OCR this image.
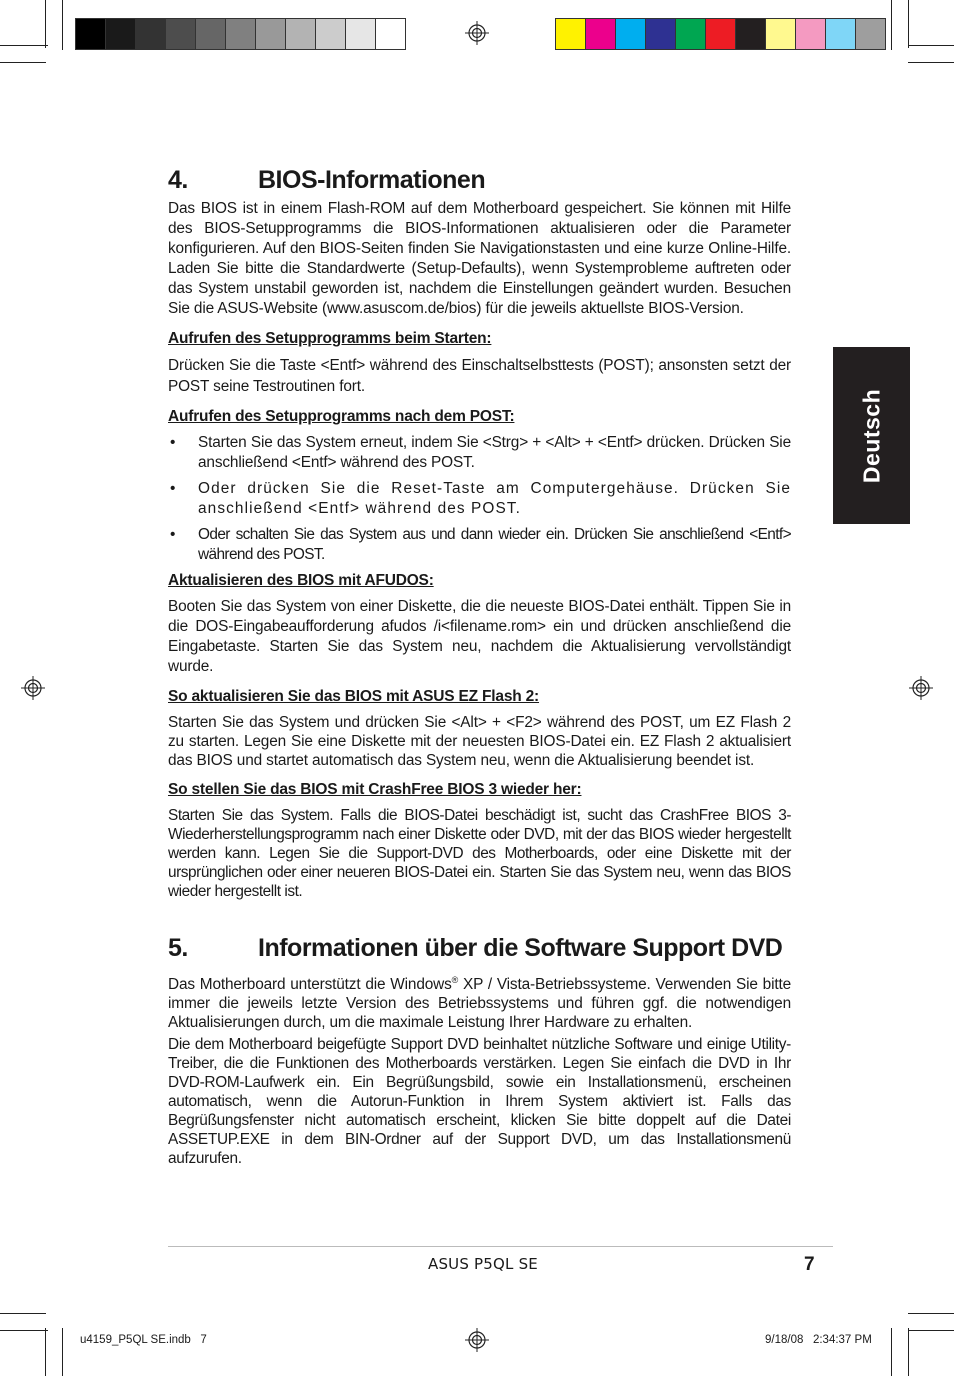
Deutsch
4.	BIOS-Informationen

Das BIOS ist in einem Flash-ROM auf dem Motherboard gespeichert. Sie können mit Hilfe des BIOS-Setupprogramms die BIOS-Informationen aktualisieren oder die Parameter konfigurieren. Auf den BIOS-Seiten finden Sie Navigationstasten und eine kurze Online-Hilfe. Laden Sie bitte die Standardwerte (Setup-Defaults), wenn Systemprobleme auftreten oder das System unstabil geworden ist, nachdem die Einstellungen geändert wurden. Besuchen Sie die ASUS-Website (www.asuscom.de/bios) für die jeweils aktuellste BIOS-Version.

Aufrufen des Setupprogramms beim Starten:

Drücken Sie die Taste <Entf> während des Einschaltselbsttests (POST); ansonsten setzt der POST seine Testroutinen fort.

Aufrufen des Setupprogramms nach dem POST:
• Starten Sie das System erneut, indem Sie <Strg> + <Alt> + <Entf> drücken. Drücken Sie anschließend <Entf> während des POST.
• Oder drücken Sie die Reset-Taste am Computergehäuse. Drücken Sie anschließend <Entf> während des POST.
• Oder schalten Sie das System aus und dann wieder ein. Drücken Sie anschließend <Entf> während des POST.
Aktualisieren des BIOS mit AFUDOS:

Booten Sie das System von einer Diskette, die die neueste BIOS-Datei enthält. Tippen Sie in die DOS-Eingabeaufforderung afudos /i<filename.rom> ein und drücken anschließend die Eingabetaste. Starten Sie das System neu, nachdem die Aktualisierung vervollständigt wurde.

So aktualisieren Sie das BIOS mit ASUS EZ Flash 2:

Starten Sie das System und drücken Sie <Alt> + <F2> während des POST, um EZ Flash 2 zu starten. Legen Sie eine Diskette mit der neuesten BIOS-Datei ein. EZ Flash 2 aktualisiert das BIOS und startet automatisch das System neu, wenn die Aktualisierung beendet ist.

So stellen Sie das BIOS mit CrashFree BIOS 3 wieder her:

Starten Sie das System. Falls die BIOS-Datei beschädigt ist, sucht das CrashFree BIOS 3-Wiederherstellungsprogramm nach einer Diskette oder DVD, mit der das BIOS wieder hergestellt werden kann. Legen Sie die Support-DVD des Motherboards, oder eine Diskette mit der ursprünglichen oder einer neueren BIOS-Datei ein. Starten Sie das System neu, wenn das BIOS wieder hergestellt ist.

5.	Informationen über die Software Support DVD

Das Motherboard unterstützt die Windows® XP / Vista-Betriebssysteme. Verwenden Sie bitte immer die jeweils letzte Version des Betriebssystems und führen ggf. die notwendigen Aktualisierungen durch, um die maximale Leistung Ihrer Hardware zu erhalten.

Die dem Motherboard beigefügte Support DVD beinhaltet nützliche Software und einige Utility-Treiber, die die Funktionen des Motherboards verstärken. Legen Sie einfach die DVD in Ihr DVD-ROM-Laufwerk ein. Ein Begrüßungsbild, sowie ein Installationsmenü, erscheinen automatisch, wenn die Autorun-Funktion in Ihrem System aktiviert ist. Falls das Begrüßungsfenster nicht automatisch erscheint, klicken Sie bitte doppelt auf die Datei ASSETUP.EXE in dem BIN-Ordner auf der Support DVD, um das Installationsmenü aufzurufen.

ASUS P5QL SE	7
u4159_P5QL SE.indb   7	9/18/08   2:34:37 PM
